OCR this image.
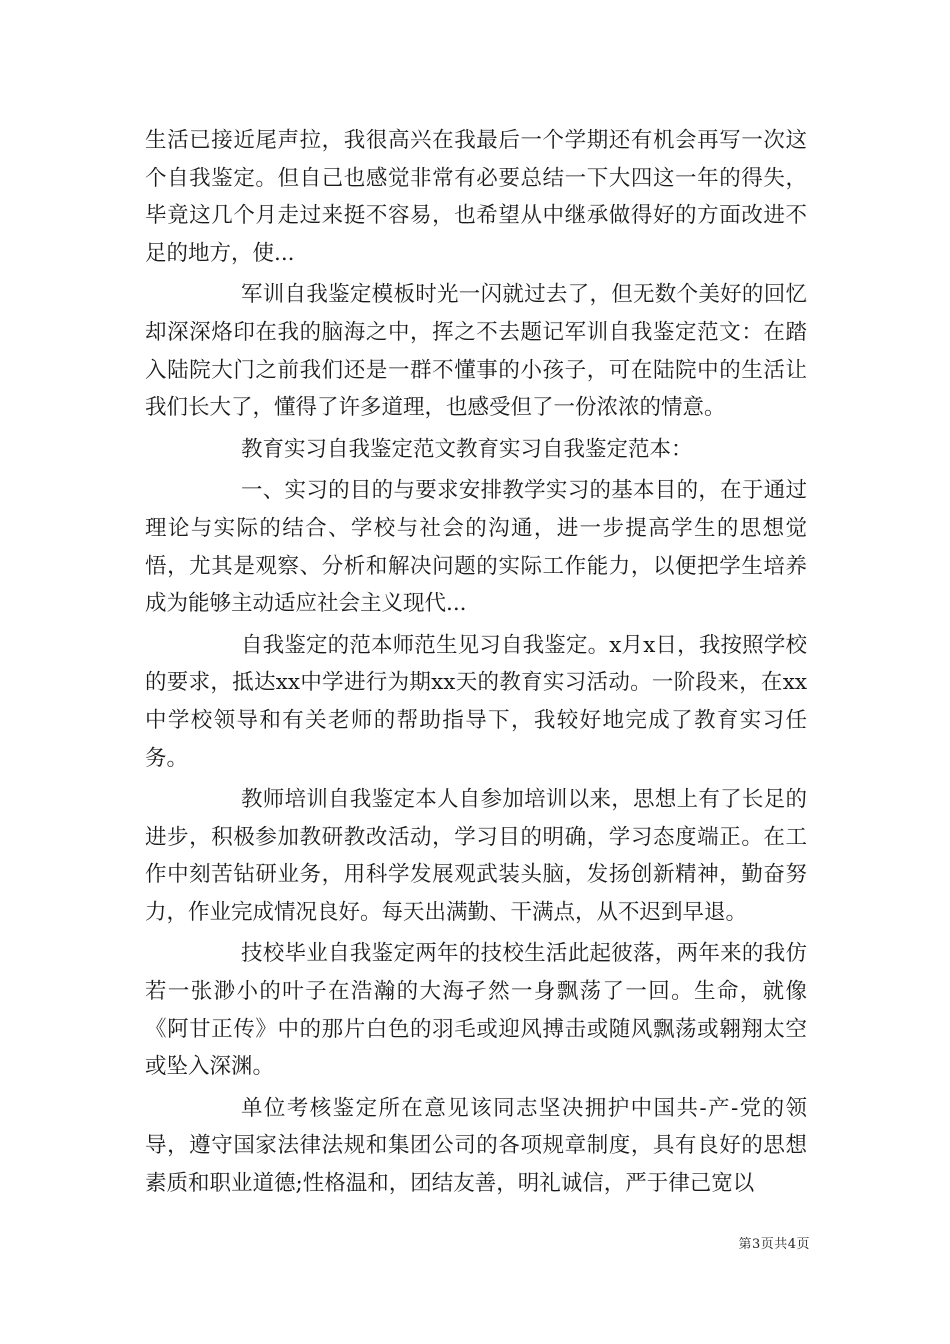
生活已接近尾声拉，我很高兴在我最后一个学期还有机会再写一次这个自我鉴定。但自己也感觉非常有必要总结一下大四这一年的得失，毕竟这几个月走过来挺不容易，也希望从中继承做得好的方面改进不足的地方，使...

军训自我鉴定模板时光一闪就过去了，但无数个美好的回忆却深深烙印在我的脑海之中，挥之不去题记军训自我鉴定范文：在踏入陆院大门之前我们还是一群不懂事的小孩子，可在陆院中的生活让我们长大了，懂得了许多道理，也感受但了一份浓浓的情意。

教育实习自我鉴定范文教育实习自我鉴定范本：

一、实习的目的与要求安排教学实习的基本目的，在于通过理论与实际的结合、学校与社会的沟通，进一步提高学生的思想觉悟，尤其是观察、分析和解决问题的实际工作能力，以便把学生培养成为能够主动适应社会主义现代...

自我鉴定的范本师范生见习自我鉴定。x月x日，我按照学校的要求，抵达xx中学进行为期xx天的教育实习活动。一阶段来，在xx中学校领导和有关老师的帮助指导下，我较好地完成了教育实习任务。

教师培训自我鉴定本人自参加培训以来，思想上有了长足的进步，积极参加教研教改活动，学习目的明确，学习态度端正。在工作中刻苦钻研业务，用科学发展观武装头脑，发扬创新精神，勤奋努力，作业完成情况良好。每天出满勤、干满点，从不迟到早退。

技校毕业自我鉴定两年的技校生活此起彼落，两年来的我仿若一张渺小的叶子在浩瀚的大海孑然一身飘荡了一回。生命，就像《阿甘正传》中的那片白色的羽毛或迎风搏击或随风飘荡或翱翔太空或坠入深渊。

单位考核鉴定所在意见该同志坚决拥护中国共-产-党的领导，遵守国家法律法规和集团公司的各项规章制度，具有良好的思想素质和职业道德;性格温和，团结友善，明礼诚信，严于律己宽以

第3页共4页
